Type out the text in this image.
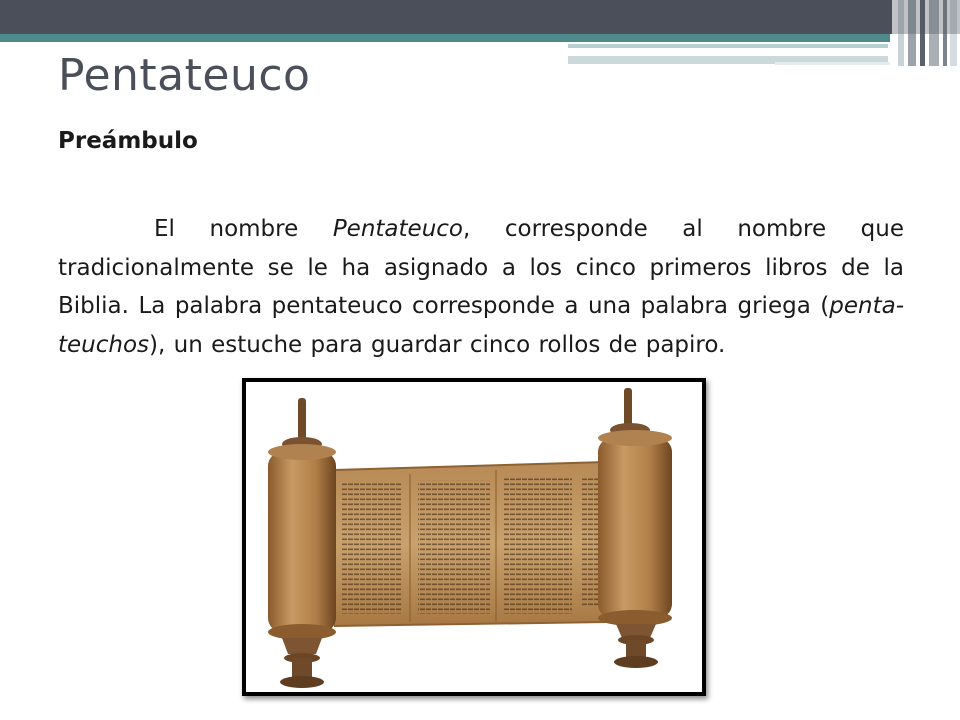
Pentateuco
Preámbulo

El nombre Pentateuco, corresponde al nombre que tradicionalmente se le ha asignado a los cinco primeros libros de la Biblia. La palabra pentateuco corresponde a una palabra griega (penta-teuchos), un estuche para guardar cinco rollos de papiro.
